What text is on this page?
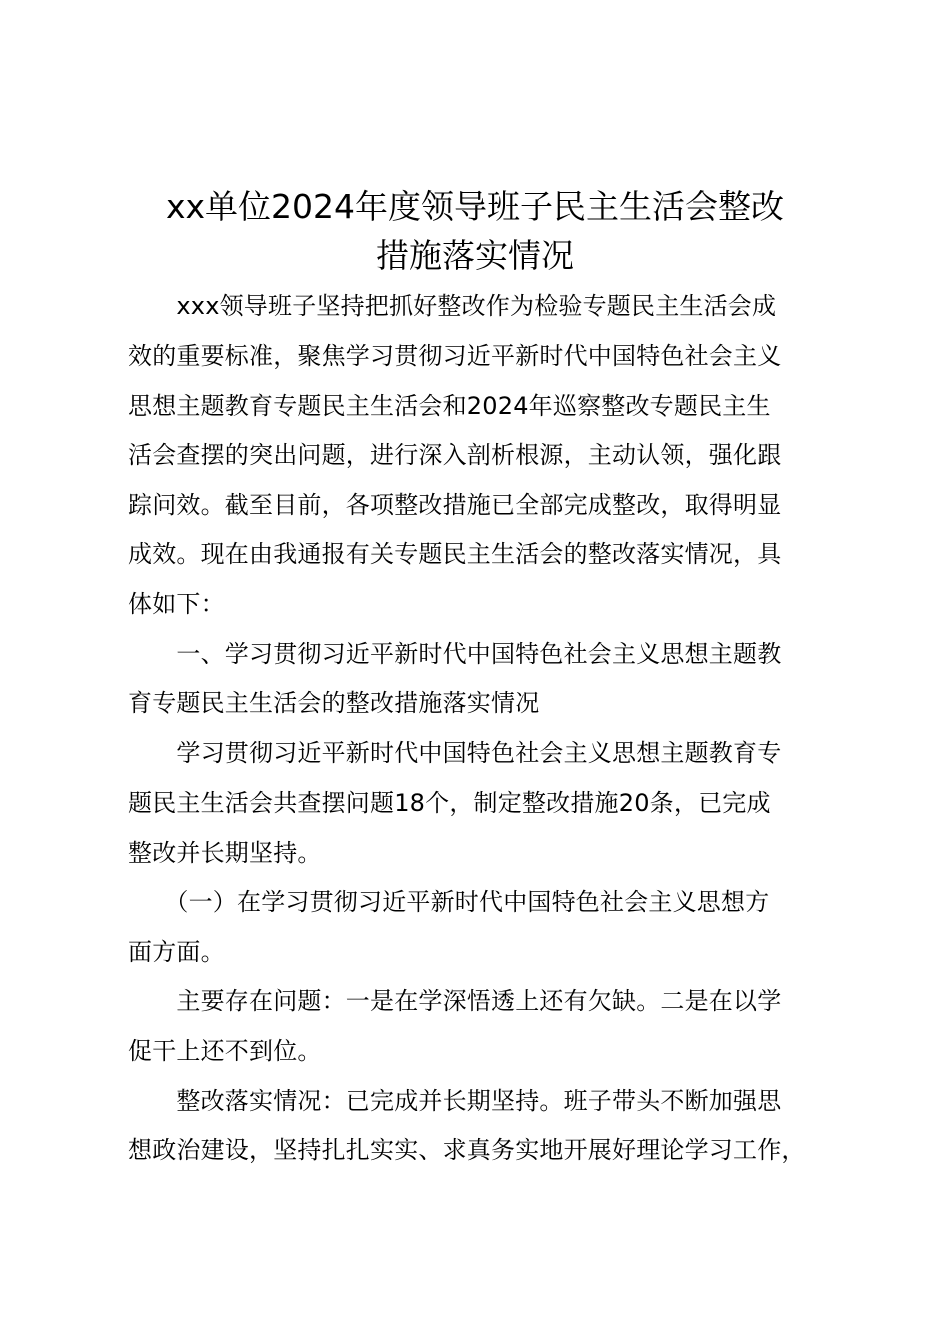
xx单位2024年度领导班子民主生活会整改
措施落实情况
　　xxx领导班子坚持把抓好整改作为检验专题民主生活会成
效的重要标准，聚焦学习贯彻习近平新时代中国特色社会主义
思想主题教育专题民主生活会和2024年巡察整改专题民主生
活会查摆的突出问题，进行深入剖析根源，主动认领，强化跟
踪问效。截至目前，各项整改措施已全部完成整改，取得明显
成效。现在由我通报有关专题民主生活会的整改落实情况，具
体如下：
　　一、学习贯彻习近平新时代中国特色社会主义思想主题教
育专题民主生活会的整改措施落实情况
　　学习贯彻习近平新时代中国特色社会主义思想主题教育专
题民主生活会共查摆问题18个，制定整改措施20条，已完成
整改并长期坚持。
　　（一）在学习贯彻习近平新时代中国特色社会主义思想方
面方面。
　　主要存在问题：一是在学深悟透上还有欠缺。二是在以学
促干上还不到位。
　　整改落实情况：已完成并长期坚持。班子带头不断加强思
想政治建设，坚持扎扎实实、求真务实地开展好理论学习工作，
